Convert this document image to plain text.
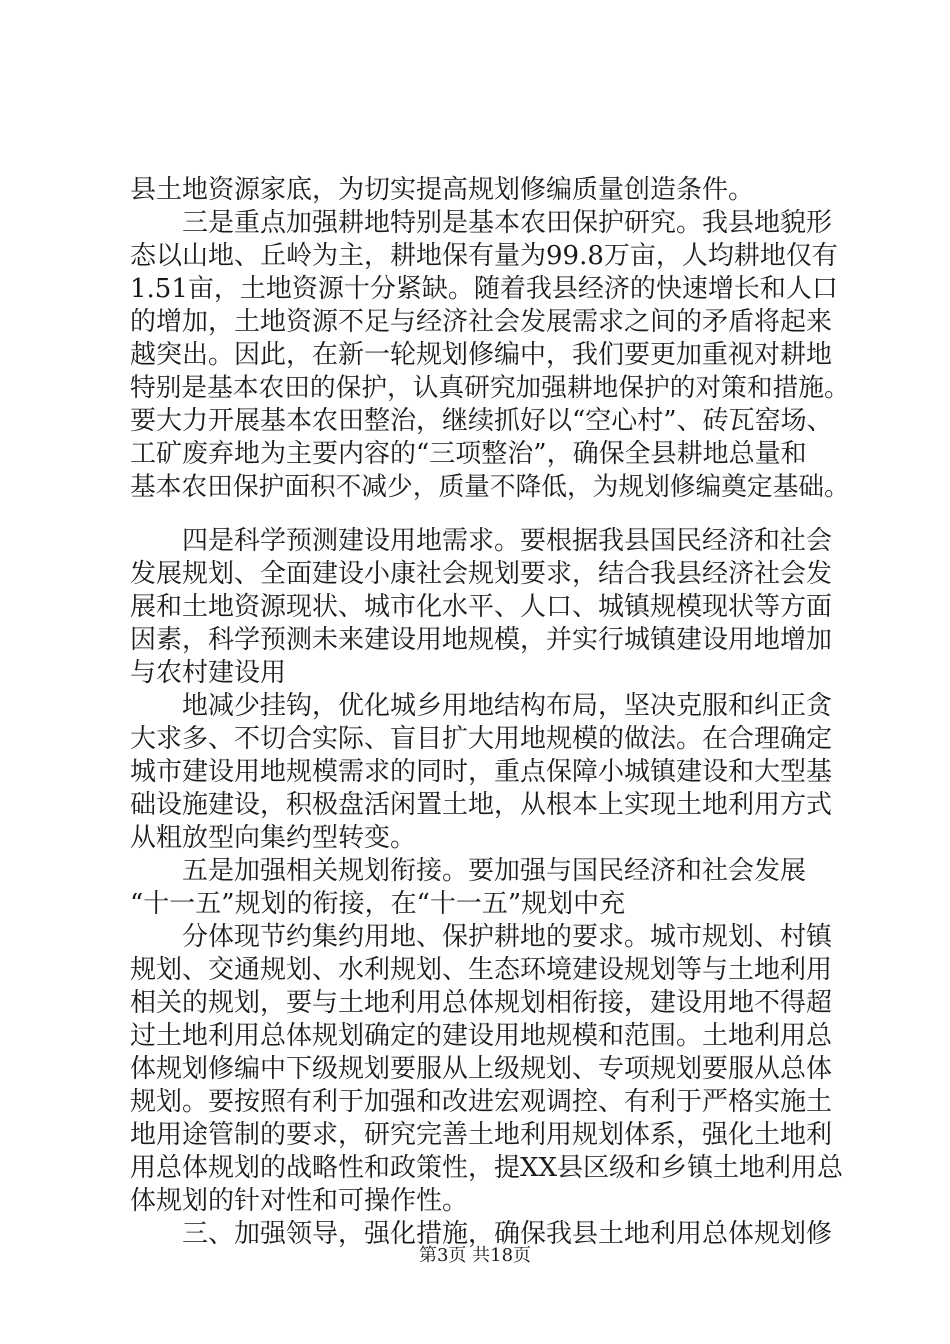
县土地资源家底，为切实提高规划修编质量创造条件。
　　三是重点加强耕地特别是基本农田保护研究。我县地貌形
态以山地、丘岭为主，耕地保有量为99.8万亩，人均耕地仅有
1.51亩，土地资源十分紧缺。随着我县经济的快速增长和人口
的增加，土地资源不足与经济社会发展需求之间的矛盾将起来
越突出。因此，在新一轮规划修编中，我们要更加重视对耕地
特别是基本农田的保护，认真研究加强耕地保护的对策和措施。
要大力开展基本农田整治，继续抓好以“空心村”、砖瓦窑场、
工矿废弃地为主要内容的“三项整治”，确保全县耕地总量和
基本农田保护面积不减少，质量不降低，为规划修编奠定基础。
　　四是科学预测建设用地需求。要根据我县国民经济和社会
发展规划、全面建设小康社会规划要求，结合我县经济社会发
展和土地资源现状、城市化水平、人口、城镇规模现状等方面
因素，科学预测未来建设用地规模，并实行城镇建设用地增加
与农村建设用
　　地减少挂钩，优化城乡用地结构布局，坚决克服和纠正贪
大求多、不切合实际、盲目扩大用地规模的做法。在合理确定
城市建设用地规模需求的同时，重点保障小城镇建设和大型基
础设施建设，积极盘活闲置土地，从根本上实现土地利用方式
从粗放型向集约型转变。
　　五是加强相关规划衔接。要加强与国民经济和社会发展
“十一五”规划的衔接，在“十一五”规划中充
　　分体现节约集约用地、保护耕地的要求。城市规划、村镇
规划、交通规划、水利规划、生态环境建设规划等与土地利用
相关的规划，要与土地利用总体规划相衔接，建设用地不得超
过土地利用总体规划确定的建设用地规模和范围。土地利用总
体规划修编中下级规划要服从上级规划、专项规划要服从总体
规划。要按照有利于加强和改进宏观调控、有利于严格实施土
地用途管制的要求，研究完善土地利用规划体系，强化土地利
用总体规划的战略性和政策性，提XX县区级和乡镇土地利用总
体规划的针对性和可操作性。
　　三、加强领导，强化措施，确保我县土地利用总体规划修
第3页 共18页
